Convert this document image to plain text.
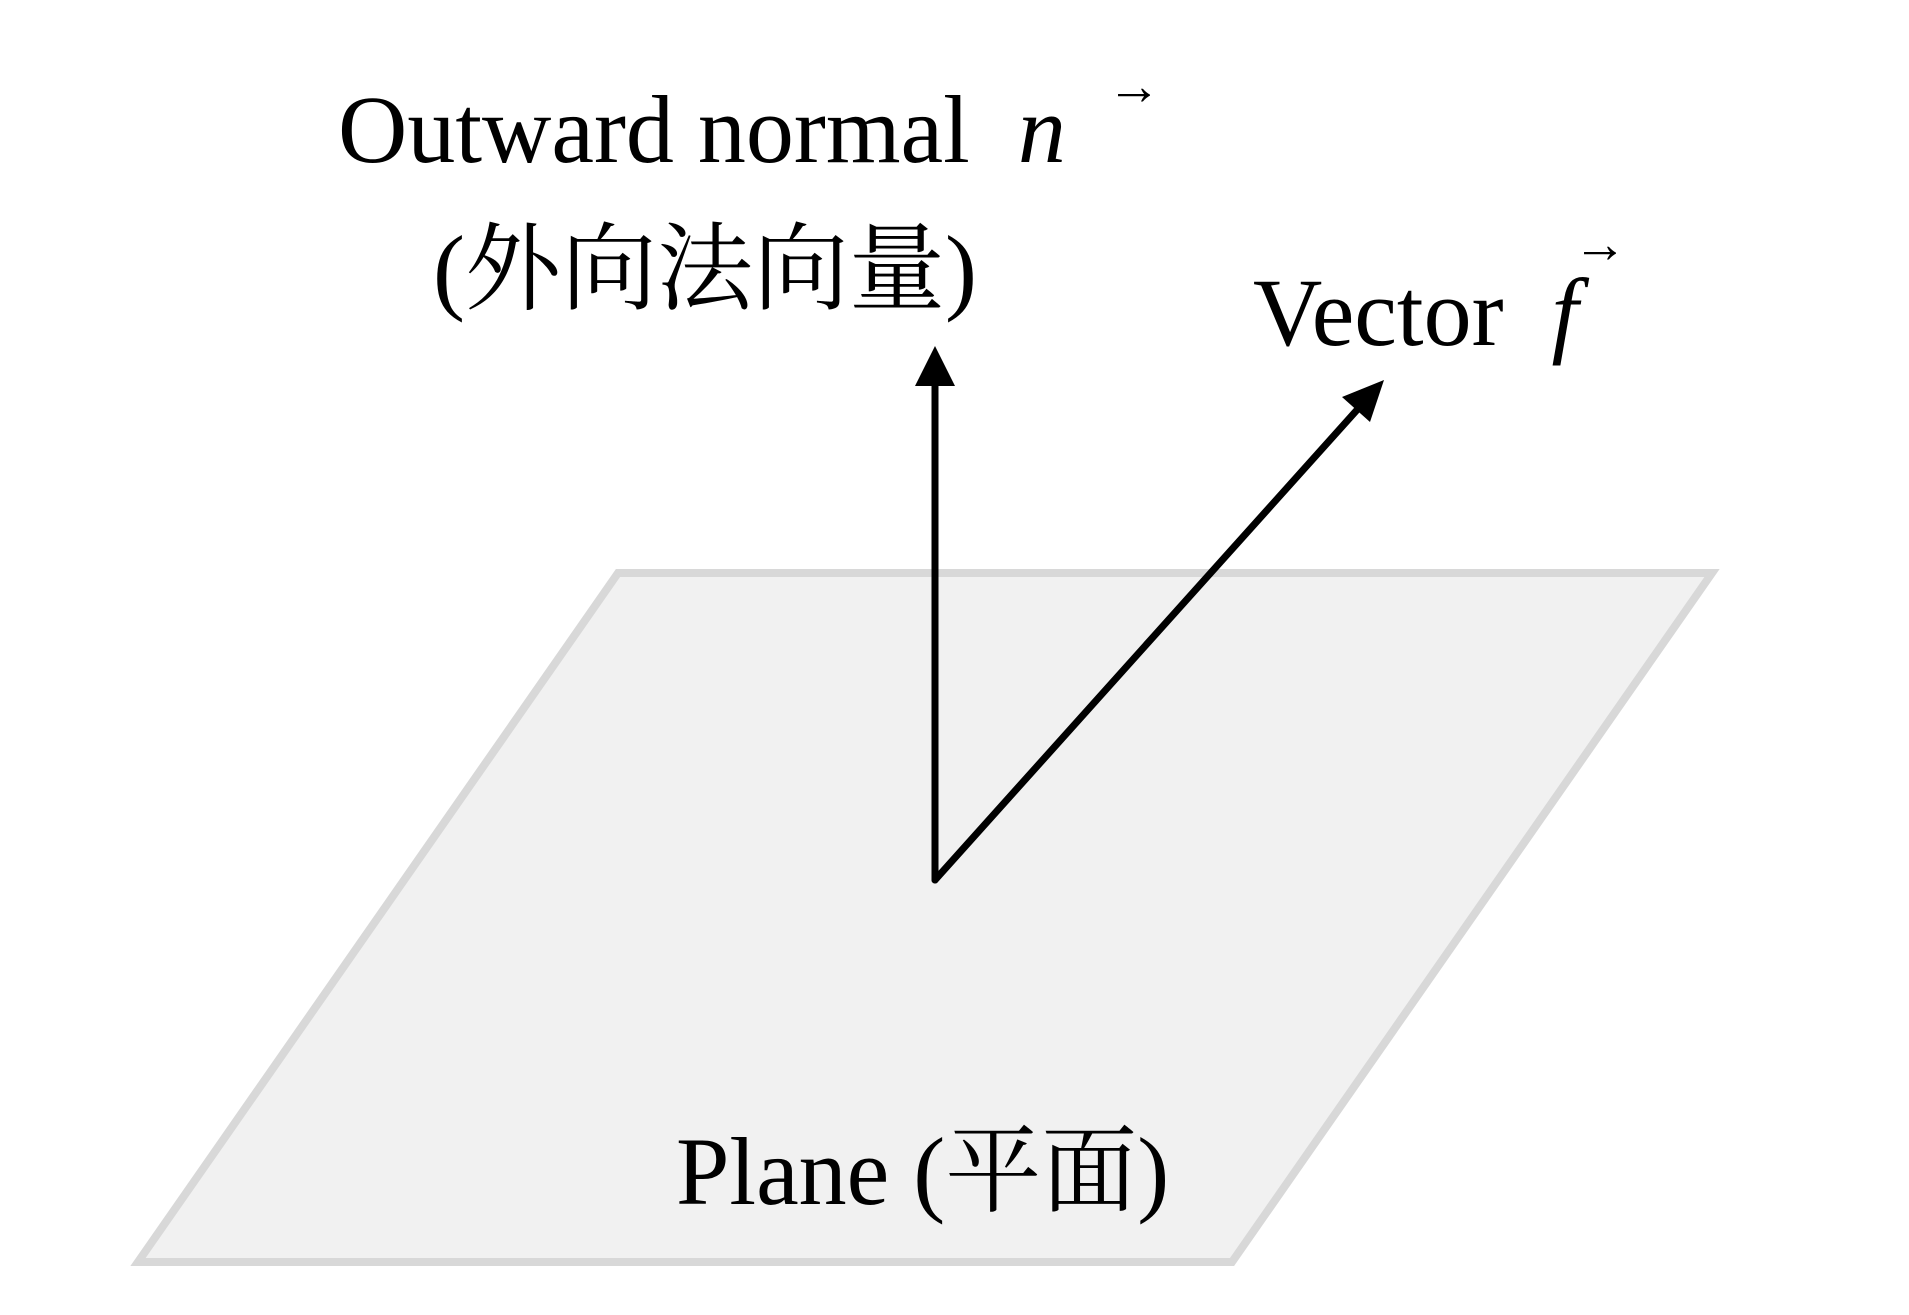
Outward normal n →
(外向法向量)	Vector f
→
Plane (平面)
